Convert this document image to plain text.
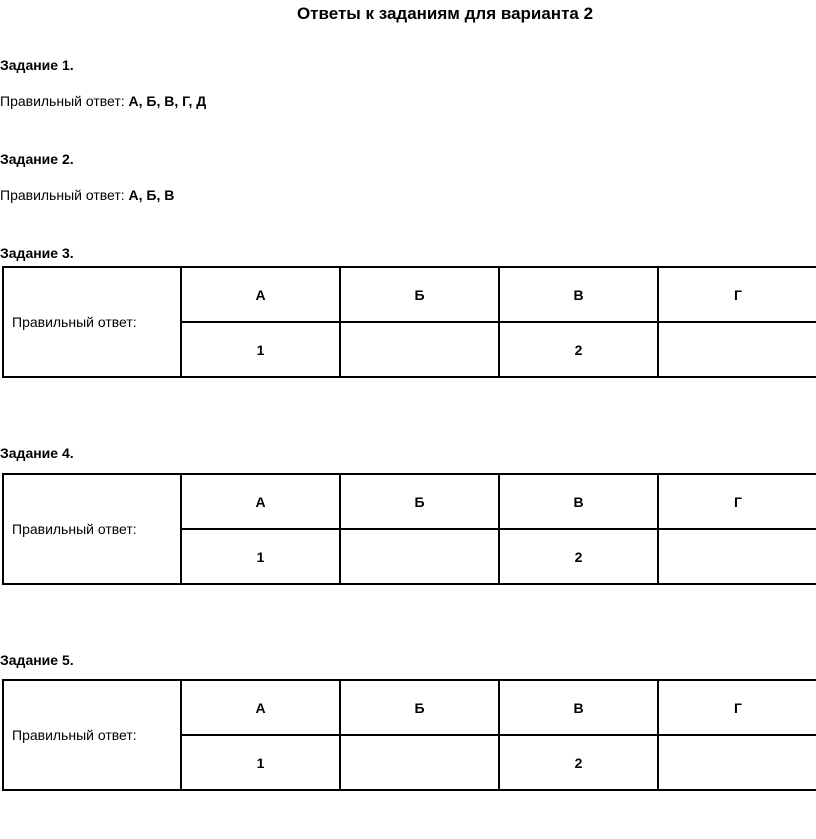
Ответы к заданиям для варианта 2
Задание 1.
Правильный ответ: А, Б, В, Г, Д
Задание 2.
Правильный ответ: А, Б, В
Задание 3.
Правильный ответ:	А	Б	В	Г
	1		2	
Задание 4.
Правильный ответ:	А	Б	В	Г
	1		2	
Задание 5.
Правильный ответ:	А	Б	В	Г
	1		2	
